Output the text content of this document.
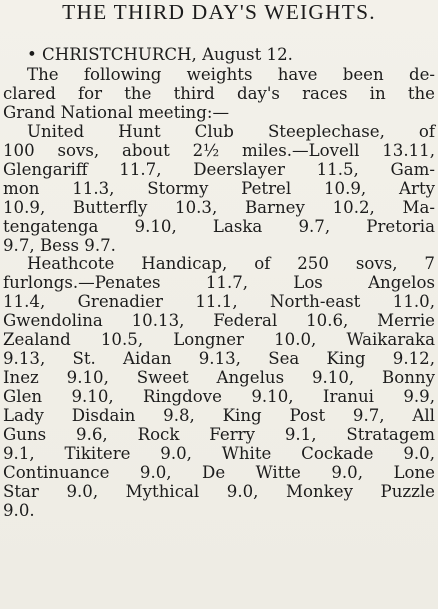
THE THIRD DAY'S WEIGHTS.
• CHRISTCHURCH, August 12.
The following weights have been de-
clared for the third day's races in the
Grand National meeting:—
United Hunt Club Steeplechase, of
100 sovs, about 2½ miles.—Lovell 13.11,
Glengariff 11.7, Deerslayer 11.5, Gam-
mon 11.3, Stormy Petrel 10.9, Arty
10.9, Butterfly 10.3, Barney 10.2, Ma-
tengatenga 9.10, Laska 9.7, Pretoria
9.7, Bess 9.7.
Heathcote Handicap, of 250 sovs, 7
furlongs.—Penates 11.7, Los Angelos
11.4, Grenadier 11.1, North-east 11.0,
Gwendolina 10.13, Federal 10.6, Merrie
Zealand 10.5, Longner 10.0, Waikaraka
9.13, St. Aidan 9.13, Sea King 9.12,
Inez 9.10, Sweet Angelus 9.10, Bonny
Glen 9.10, Ringdove 9.10, Iranui 9.9,
Lady Disdain 9.8, King Post 9.7, All
Guns 9.6, Rock Ferry 9.1, Stratagem
9.1, Tikitere 9.0, White Cockade 9.0,
Continuance 9.0, De Witte 9.0, Lone
Star 9.0, Mythical 9.0, Monkey Puzzle
9.0.
